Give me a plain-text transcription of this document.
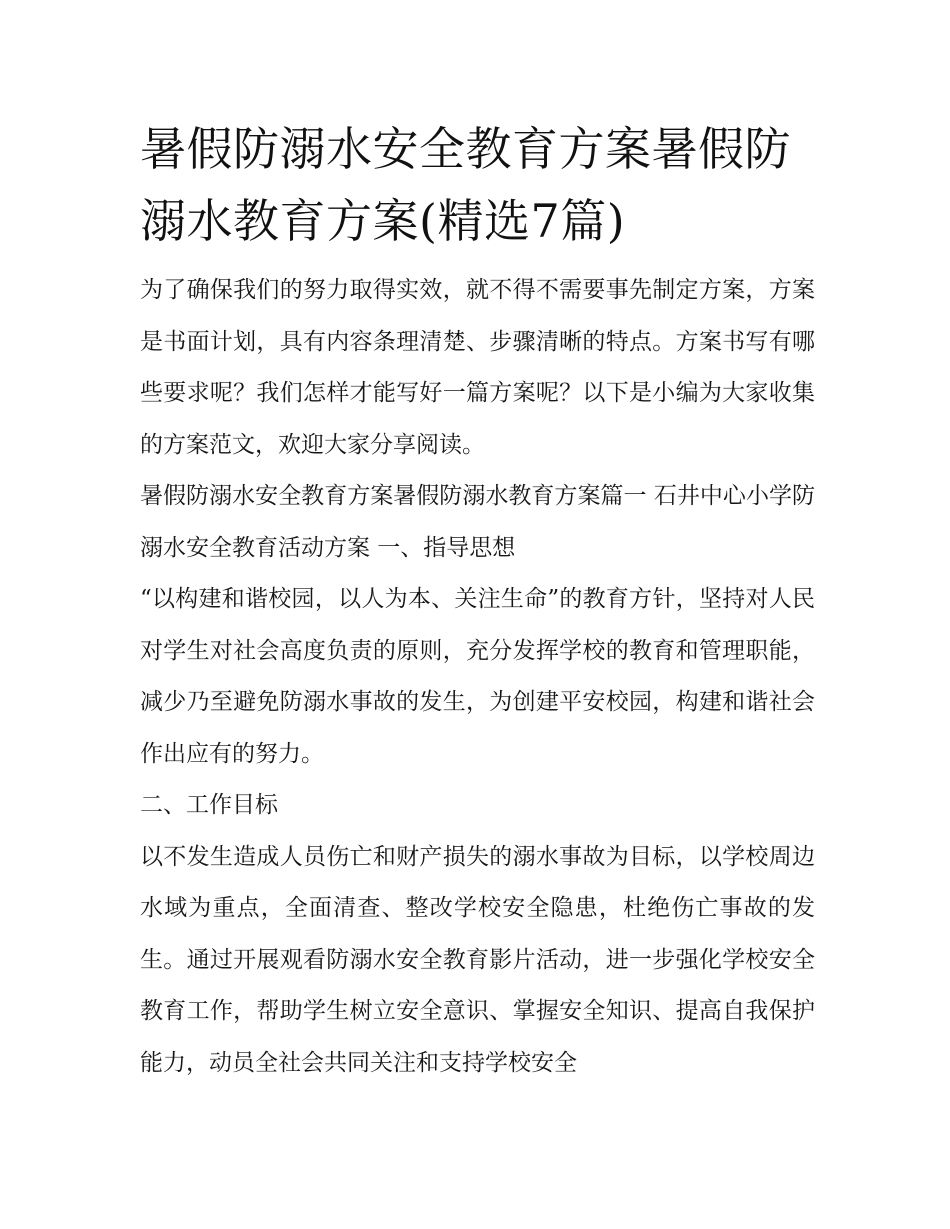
暑假防溺水安全教育方案暑假防溺水教育方案(精选7篇)

为了确保我们的努力取得实效，就不得不需要事先制定方案，方案是书面计划，具有内容条理清楚、步骤清晰的特点。方案书写有哪些要求呢？我们怎样才能写好一篇方案呢？以下是小编为大家收集的方案范文，欢迎大家分享阅读。

暑假防溺水安全教育方案暑假防溺水教育方案篇一 石井中心小学防溺水安全教育活动方案 一、指导思想

“以构建和谐校园，以人为本、关注生命”的教育方针，坚持对人民对学生对社会高度负责的原则，充分发挥学校的教育和管理职能，减少乃至避免防溺水事故的发生，为创建平安校园，构建和谐社会作出应有的努力。

二、工作目标

以不发生造成人员伤亡和财产损失的溺水事故为目标，以学校周边水域为重点，全面清查、整改学校安全隐患，杜绝伤亡事故的发生。通过开展观看防溺水安全教育影片活动，进一步强化学校安全教育工作，帮助学生树立安全意识、掌握安全知识、提高自我保护能力，动员全社会共同关注和支持学校安全
